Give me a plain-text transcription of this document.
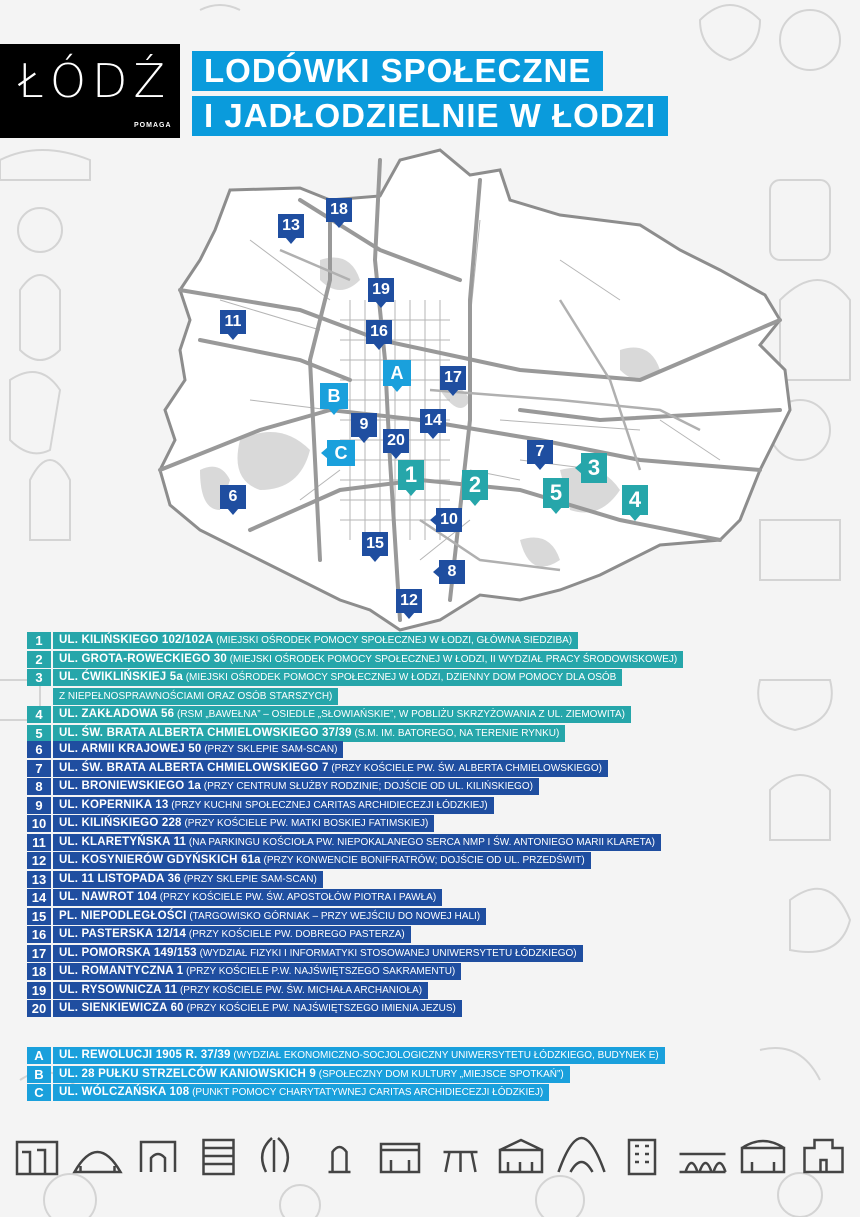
ŁÓDŹ
POMAGA
LODÓWKI SPOŁECZNE
I JADŁODZIELNIE W ŁODZI
1	2
3
4
5
6
7
8
9
10
11
12
13
14
15
16
17
18
19
20
A
B
C
1	UL. KILIŃSKIEGO 102/102A (MIEJSKI OŚRODEK POMOCY SPOŁECZNEJ W ŁODZI, GŁÓWNA SIEDZIBA)
2	UL. GROTA-ROWECKIEGO 30 (MIEJSKI OŚRODEK POMOCY SPOŁECZNEJ W ŁODZI, II WYDZIAŁ PRACY ŚRODOWISKOWEJ)
3	UL. ĆWIKLIŃSKIEJ 5a (MIEJSKI OŚRODEK POMOCY SPOŁECZNEJ W ŁODZI, DZIENNY DOM POMOCY DLA OSÓB
Z NIEPEŁNOSPRAWNOŚCIAMI ORAZ OSÓB STARSZYCH)
4	UL. ZAKŁADOWA 56 (RSM „BAWEŁNA” – OSIEDLE „SŁOWIAŃSKIE”, W POBLIŻU SKRZYŻOWANIA Z UL. ZIEMOWITA)
5	UL. ŚW. BRATA ALBERTA CHMIELOWSKIEGO 37/39 (S.M. IM. BATOREGO, NA TERENIE RYNKU)
6	UL. ARMII KRAJOWEJ 50 (PRZY SKLEPIE SAM-SCAN)
7	UL. ŚW. BRATA ALBERTA CHMIELOWSKIEGO 7 (PRZY KOŚCIELE PW. ŚW. ALBERTA CHMIELOWSKIEGO)
8	UL. BRONIEWSKIEGO 1a (PRZY CENTRUM SŁUŻBY RODZINIE; DOJŚCIE OD UL. KILIŃSKIEGO)
9	UL. KOPERNIKA 13 (PRZY KUCHNI SPOŁECZNEJ CARITAS ARCHIDIECEZJI ŁÓDZKIEJ)
10	UL. KILIŃSKIEGO 228 (PRZY KOŚCIELE PW. MATKI BOSKIEJ FATIMSKIEJ)
11	UL. KLARETYŃSKA 11 (NA PARKINGU KOŚCIOŁA PW. NIEPOKALANEGO SERCA NMP I ŚW. ANTONIEGO MARII KLARETA)
12	UL. KOSYNIERÓW GDYŃSKICH 61a (PRZY KONWENCIE BONIFRATRÓW; DOJŚCIE OD UL. PRZEDŚWIT)
13	UL. 11 LISTOPADA 36 (PRZY SKLEPIE SAM-SCAN)
14	UL. NAWROT 104 (PRZY KOŚCIELE PW. ŚW. APOSTOŁÓW PIOTRA I PAWŁA)
15	PL. NIEPODLEGŁOŚCI (TARGOWISKO GÓRNIAK – PRZY WEJŚCIU DO NOWEJ HALI)
16	UL. PASTERSKA 12/14 (PRZY KOŚCIELE PW. DOBREGO PASTERZA)
17	UL. POMORSKA 149/153 (WYDZIAŁ FIZYKI I INFORMATYKI STOSOWANEJ UNIWERSYTETU ŁÓDZKIEGO)
18	UL. ROMANTYCZNA 1 (PRZY KOŚCIELE P.W. NAJŚWIĘTSZEGO SAKRAMENTU)
19	UL. RYSOWNICZA 11 (PRZY KOŚCIELE PW. ŚW. MICHAŁA ARCHANIOŁA)
20	UL. SIENKIEWICZA 60 (PRZY KOŚCIELE PW. NAJŚWIĘTSZEGO IMIENIA JEZUS)
A	UL. REWOLUCJI 1905 R. 37/39 (WYDZIAŁ EKONOMICZNO-SOCJOLOGICZNY UNIWERSYTETU ŁÓDZKIEGO, BUDYNEK E)
B	UL. 28 PUŁKU STRZELCÓW KANIOWSKICH 9 (SPOŁECZNY DOM KULTURY „MIEJSCE SPOTKAŃ”)
C	UL. WÓLCZAŃSKA 108 (PUNKT POMOCY CHARYTATYWNEJ CARITAS ARCHIDIECEZJI ŁÓDZKIEJ)
